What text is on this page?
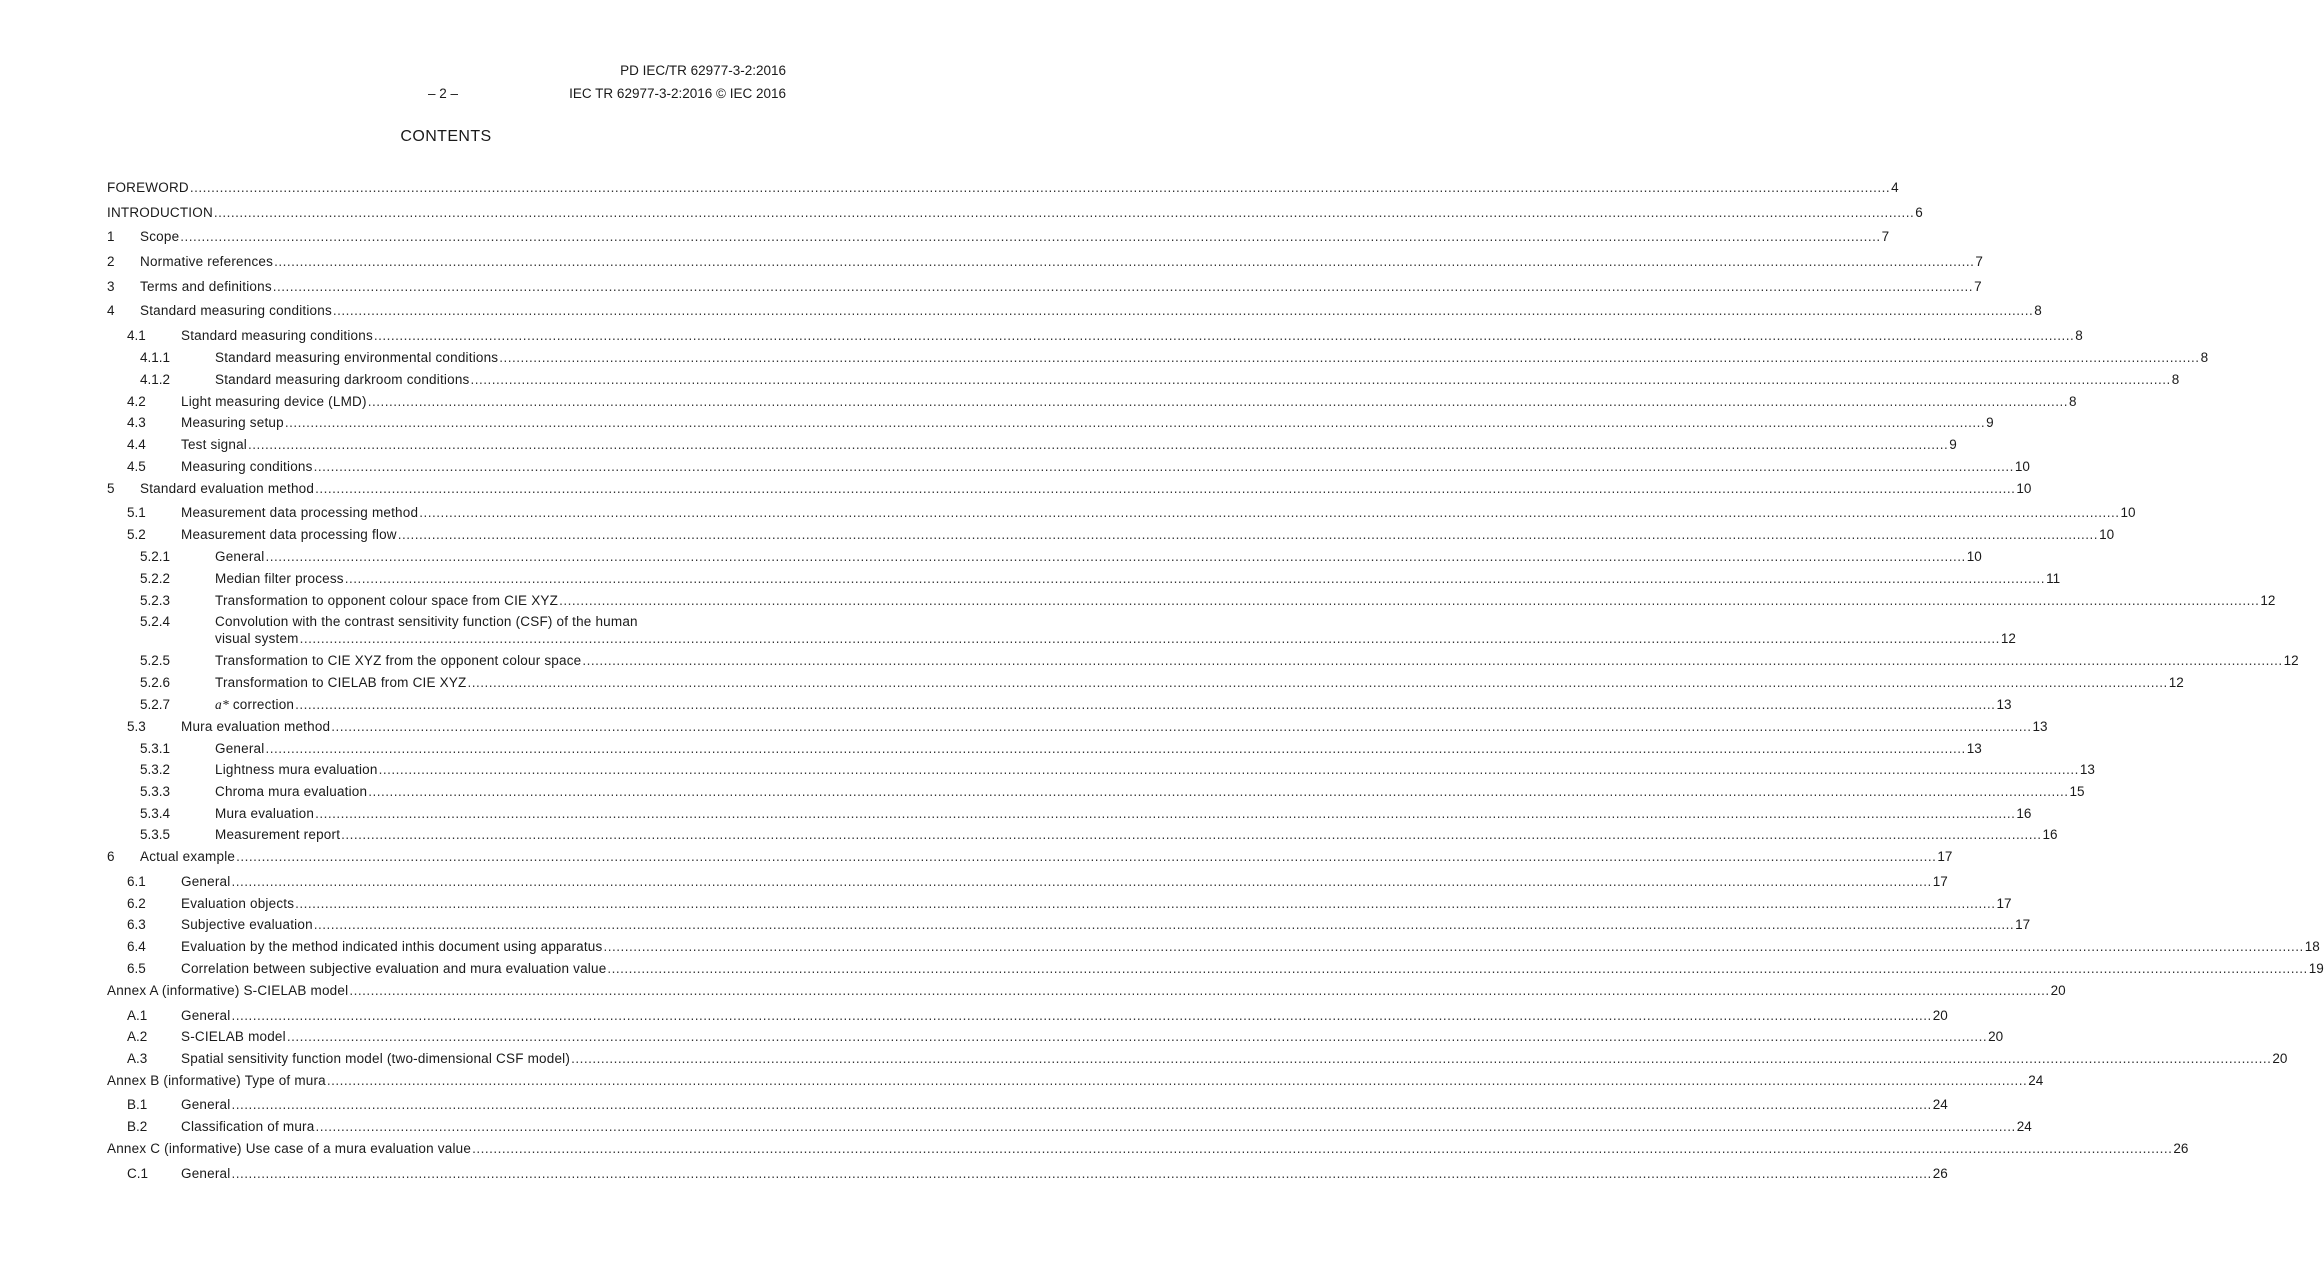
PD IEC/TR 62977-3-2:2016
– 2 –	IEC TR 62977-3-2:2016 © IEC 2016
CONTENTS
FOREWORD ................................................................................................................................................................................................................................................................................................................................................................................................................ 4
INTRODUCTION ................................................................................................................................................................................................................................................................................................................................................................................................................ 6
1 Scope ................................................................................................................................................................................................................................................................................................................................................................................................................ 7
2 Normative references ................................................................................................................................................................................................................................................................................................................................................................................................................ 7
3 Terms and definitions ................................................................................................................................................................................................................................................................................................................................................................................................................ 7
4 Standard measuring conditions ................................................................................................................................................................................................................................................................................................................................................................................................................ 8
4.1	Standard measuring conditions ................................................................................................................................................................................................................................................................................................................................................................................................................ 8
4.1.1	Standard measuring environmental conditions ................................................................................................................................................................................................................................................................................................................................................................................................................ 8
4.1.2	Standard measuring darkroom conditions ................................................................................................................................................................................................................................................................................................................................................................................................................ 8
4.2	Light measuring device (LMD) ................................................................................................................................................................................................................................................................................................................................................................................................................ 8
4.3	Measuring setup ................................................................................................................................................................................................................................................................................................................................................................................................................ 9
4.4	Test signal ................................................................................................................................................................................................................................................................................................................................................................................................................ 9
4.5	Measuring conditions ................................................................................................................................................................................................................................................................................................................................................................................................................ 10
5 Standard evaluation method ................................................................................................................................................................................................................................................................................................................................................................................................................ 10
5.1	Measurement data processing method ................................................................................................................................................................................................................................................................................................................................................................................................................ 10
5.2	Measurement data processing flow ................................................................................................................................................................................................................................................................................................................................................................................................................ 10
5.2.1	General ................................................................................................................................................................................................................................................................................................................................................................................................................ 10
5.2.2	Median filter process ................................................................................................................................................................................................................................................................................................................................................................................................................ 11
5.2.3	Transformation to opponent colour space from CIE XYZ ................................................................................................................................................................................................................................................................................................................................................................................................................ 12
5.2.4	Convolution with the contrast sensitivity function (CSF) of the human
visual system ................................................................................................................................................................................................................................................................................................................................................................................................................ 12
5.2.5	Transformation to CIE XYZ from the opponent colour space ................................................................................................................................................................................................................................................................................................................................................................................................................ 12
5.2.6	Transformation to CIELAB from CIE XYZ ................................................................................................................................................................................................................................................................................................................................................................................................................ 12
5.2.7	a* correction ................................................................................................................................................................................................................................................................................................................................................................................................................ 13
5.3	Mura evaluation method ................................................................................................................................................................................................................................................................................................................................................................................................................ 13
5.3.1	General ................................................................................................................................................................................................................................................................................................................................................................................................................ 13
5.3.2	Lightness mura evaluation ................................................................................................................................................................................................................................................................................................................................................................................................................ 13
5.3.3	Chroma mura evaluation ................................................................................................................................................................................................................................................................................................................................................................................................................ 15
5.3.4	Mura evaluation ................................................................................................................................................................................................................................................................................................................................................................................................................ 16
5.3.5	Measurement report ................................................................................................................................................................................................................................................................................................................................................................................................................ 16
6 Actual example ................................................................................................................................................................................................................................................................................................................................................................................................................ 17
6.1	General ................................................................................................................................................................................................................................................................................................................................................................................................................ 17
6.2	Evaluation objects ................................................................................................................................................................................................................................................................................................................................................................................................................ 17
6.3	Subjective evaluation ................................................................................................................................................................................................................................................................................................................................................................................................................ 17
6.4	Evaluation by the method indicated inthis document using apparatus ................................................................................................................................................................................................................................................................................................................................................................................................................ 18
6.5	Correlation between subjective evaluation and mura evaluation value ................................................................................................................................................................................................................................................................................................................................................................................................................ 19
Annex A (informative) S-CIELAB model ................................................................................................................................................................................................................................................................................................................................................................................................................ 20
A.1 General ................................................................................................................................................................................................................................................................................................................................................................................................................ 20
A.2 S-CIELAB model ................................................................................................................................................................................................................................................................................................................................................................................................................ 20
A.3 Spatial sensitivity function model (two-dimensional CSF model) ................................................................................................................................................................................................................................................................................................................................................................................................................ 20
Annex B (informative) Type of mura ................................................................................................................................................................................................................................................................................................................................................................................................................ 24
B.1 General ................................................................................................................................................................................................................................................................................................................................................................................................................ 24
B.2 Classification of mura ................................................................................................................................................................................................................................................................................................................................................................................................................ 24
Annex C (informative) Use case of a mura evaluation value ................................................................................................................................................................................................................................................................................................................................................................................................................ 26
C.1 General ................................................................................................................................................................................................................................................................................................................................................................................................................ 26
